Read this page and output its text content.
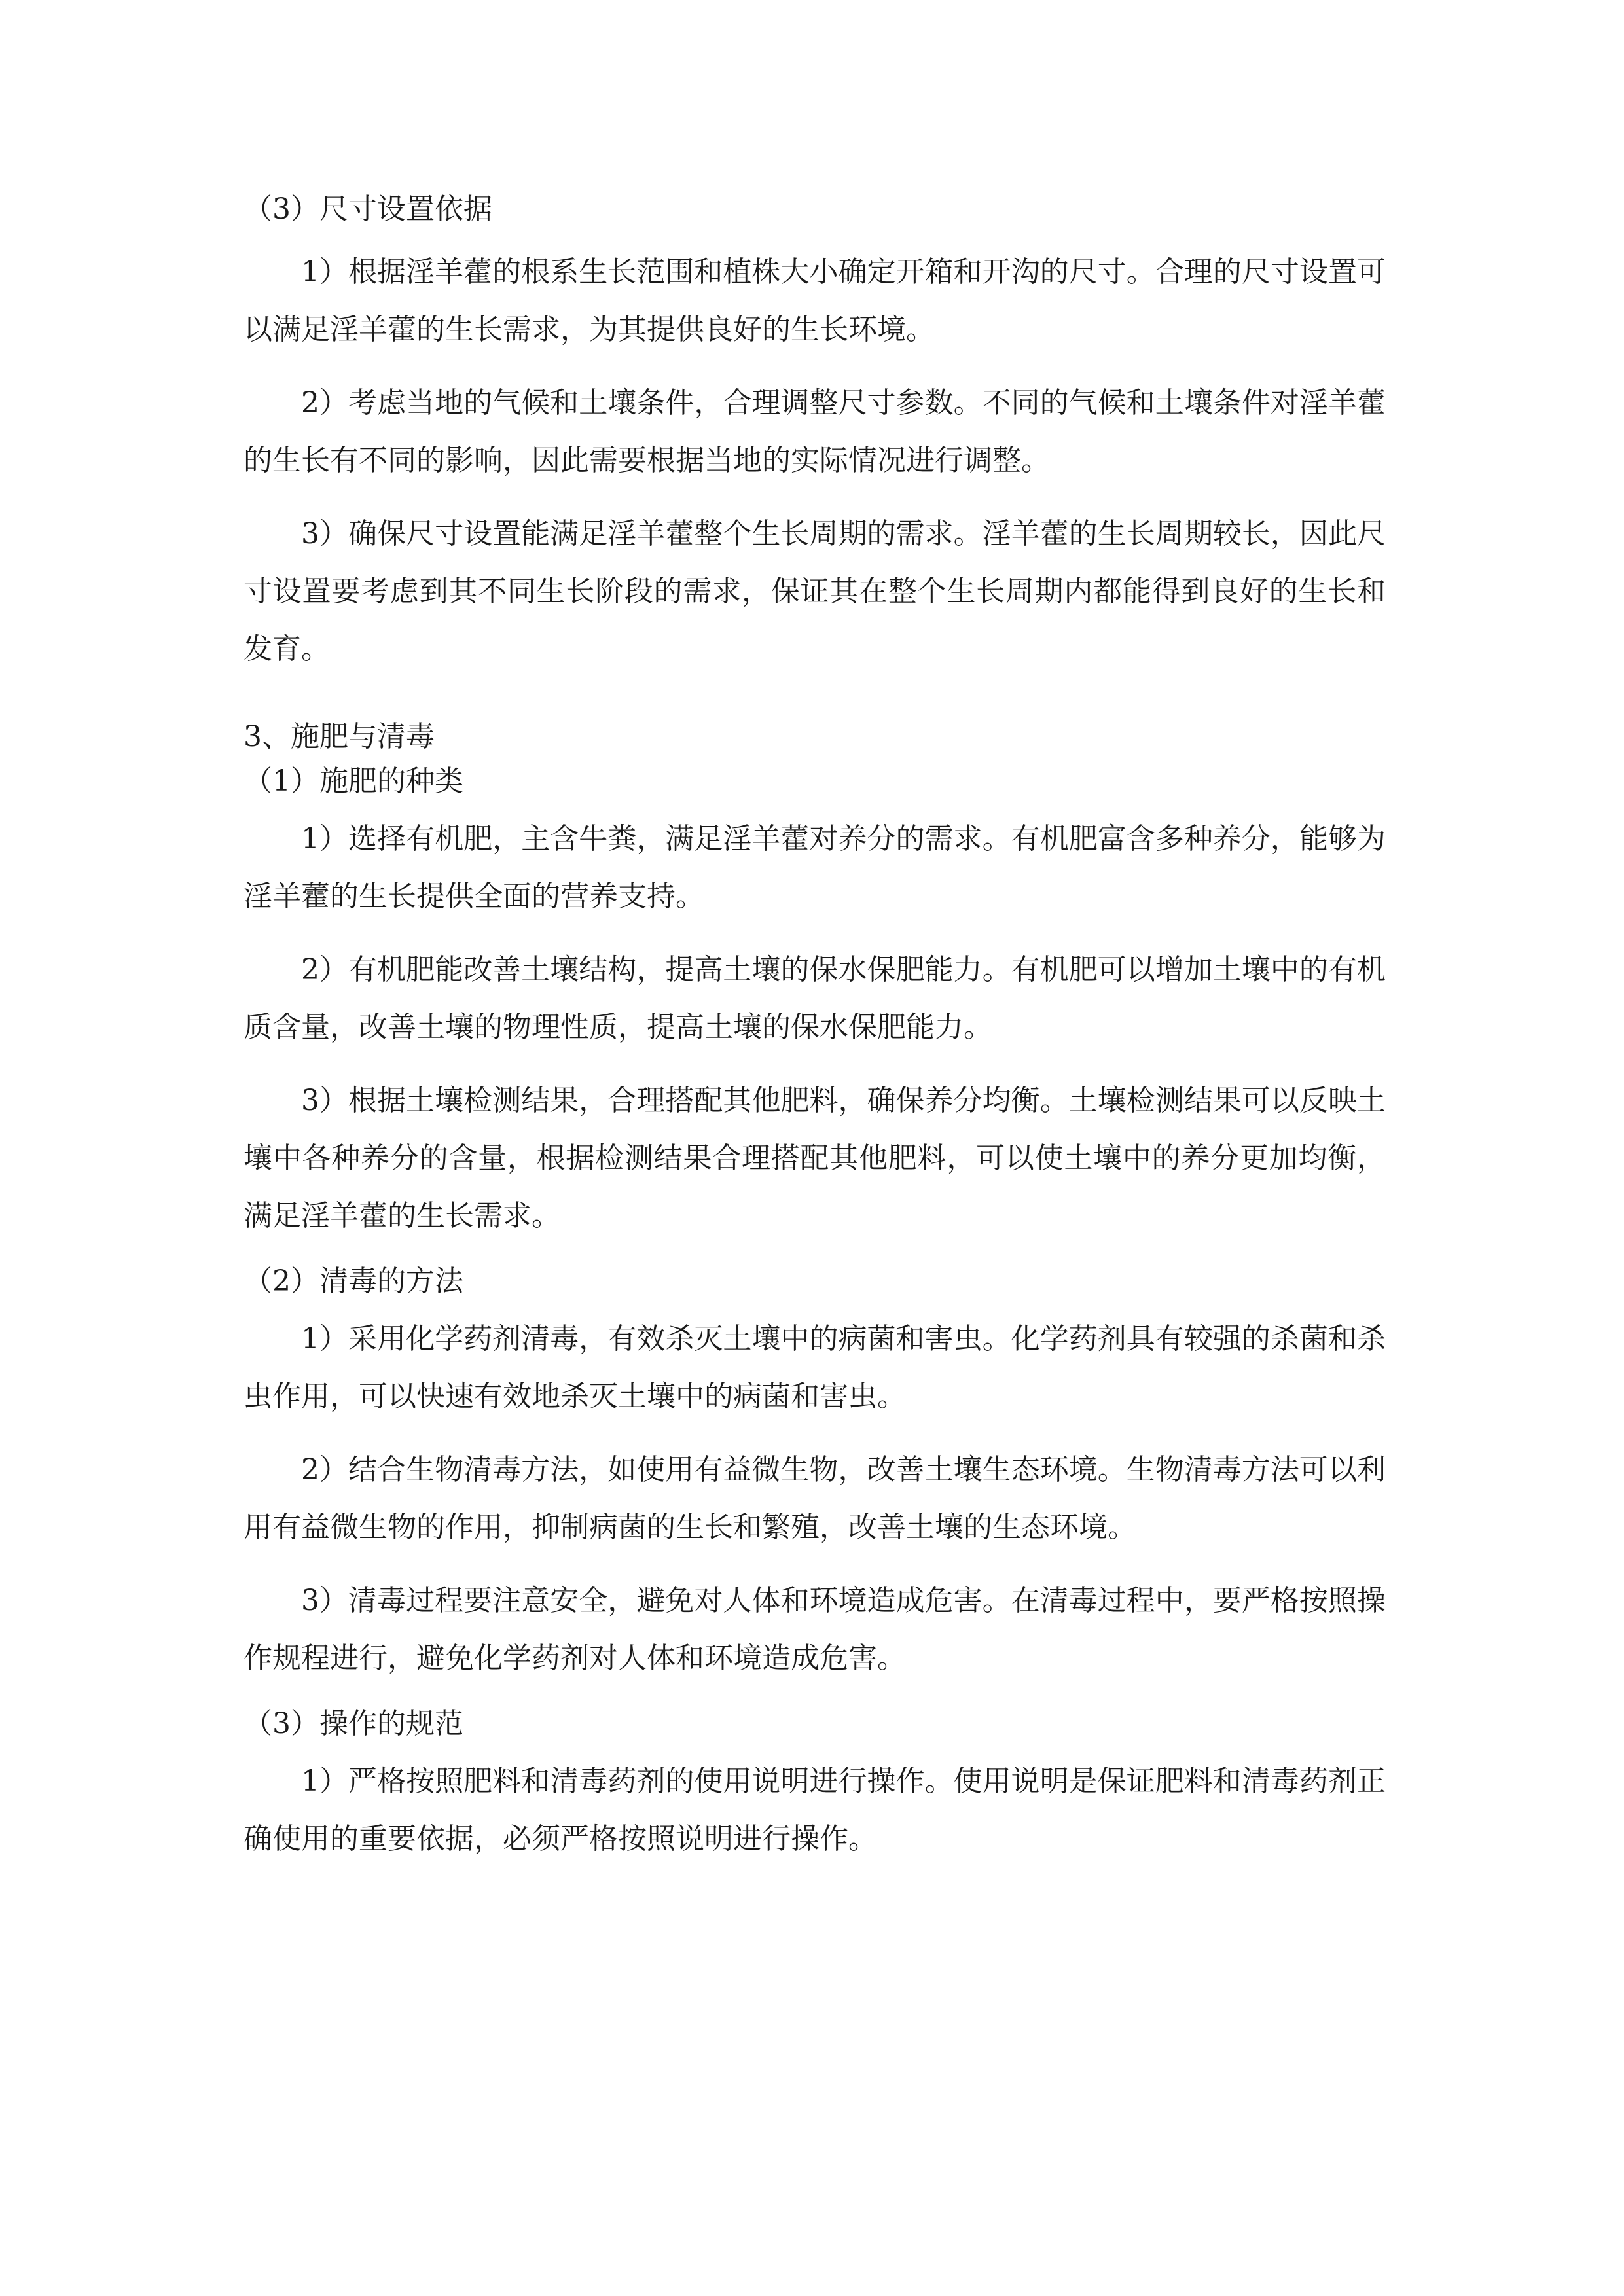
（3）尺寸设置依据

1）根据淫羊藿的根系生长范围和植株大小确定开箱和开沟的尺寸。合理的尺寸设置可以满足淫羊藿的生长需求，为其提供良好的生长环境。

2）考虑当地的气候和土壤条件，合理调整尺寸参数。不同的气候和土壤条件对淫羊藿的生长有不同的影响，因此需要根据当地的实际情况进行调整。

3）确保尺寸设置能满足淫羊藿整个生长周期的需求。淫羊藿的生长周期较长，因此尺寸设置要考虑到其不同生长阶段的需求，保证其在整个生长周期内都能得到良好的生长和发育。

3、施肥与清毒

（1）施肥的种类

1）选择有机肥，主含牛粪，满足淫羊藿对养分的需求。有机肥富含多种养分，能够为淫羊藿的生长提供全面的营养支持。

2）有机肥能改善土壤结构，提高土壤的保水保肥能力。有机肥可以增加土壤中的有机质含量，改善土壤的物理性质，提高土壤的保水保肥能力。

3）根据土壤检测结果，合理搭配其他肥料，确保养分均衡。土壤检测结果可以反映土壤中各种养分的含量，根据检测结果合理搭配其他肥料，可以使土壤中的养分更加均衡，满足淫羊藿的生长需求。

（2）清毒的方法

1）采用化学药剂清毒，有效杀灭土壤中的病菌和害虫。化学药剂具有较强的杀菌和杀虫作用，可以快速有效地杀灭土壤中的病菌和害虫。

2）结合生物清毒方法，如使用有益微生物，改善土壤生态环境。生物清毒方法可以利用有益微生物的作用，抑制病菌的生长和繁殖，改善土壤的生态环境。

3）清毒过程要注意安全，避免对人体和环境造成危害。在清毒过程中，要严格按照操作规程进行，避免化学药剂对人体和环境造成危害。

（3）操作的规范

1）严格按照肥料和清毒药剂的使用说明进行操作。使用说明是保证肥料和清毒药剂正确使用的重要依据，必须严格按照说明进行操作。
